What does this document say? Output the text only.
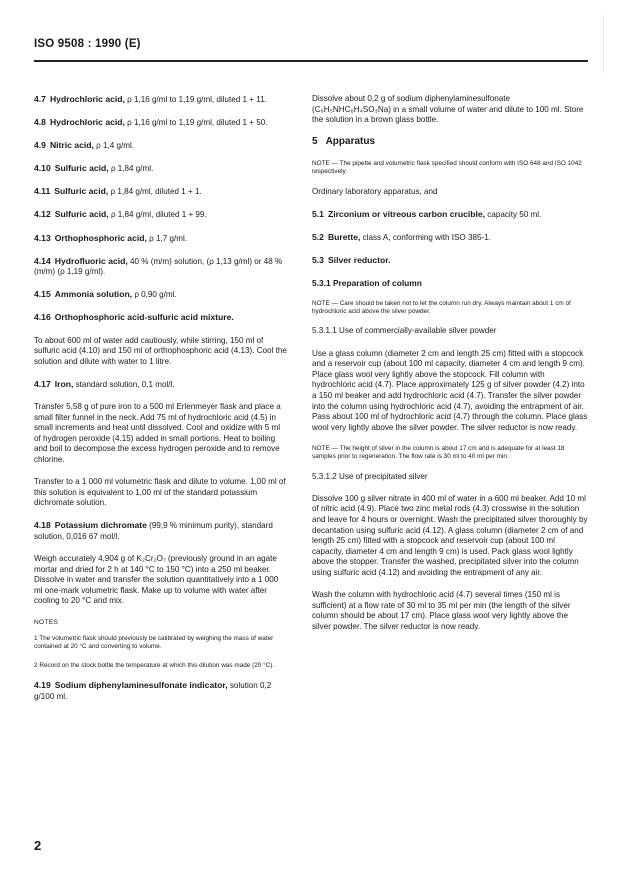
ISO 9508 : 1990 (E)
4.7 Hydrochloric acid, ρ 1,16 g/ml to 1,19 g/ml, diluted 1 + 11.
4.8 Hydrochloric acid, ρ 1,16 g/ml to 1,19 g/ml, diluted 1 + 50.
4.9 Nitric acid, ρ 1,4 g/ml.
4.10 Sulfuric acid, ρ 1,84 g/ml.
4.11 Sulfuric acid, ρ 1,84 g/ml, diluted 1 + 1.
4.12 Sulfuric acid, ρ 1,84 g/ml, diluted 1 + 99.
4.13 Orthophosphoric acid, ρ 1,7 g/ml.
4.14 Hydrofluoric acid, 40 % (m/m) solution, (ρ 1,13 g/ml) or 48 % (m/m) (ρ 1,19 g/ml).
4.15 Ammonia solution, ρ 0,90 g/ml.
4.16 Orthophosphoric acid-sulfuric acid mixture.
To about 600 ml of water add cautiously, while stirring, 150 ml of sulfuric acid (4.10) and 150 ml of orthophosphoric acid (4.13). Cool the solution and dilute with water to 1 litre.
4.17 Iron, standard solution, 0,1 mol/l.
Transfer 5,58 g of pure iron to a 500 ml Erlenmeyer flask and place a small filter funnel in the neck. Add 75 ml of hydrochloric acid (4.5) in small increments and heat until dissolved. Cool and oxidize with 5 ml of hydrogen peroxide (4.15) added in small portions. Heat to boiling and boil to decompose the excess hydrogen peroxide and to remove chlorine.
Transfer to a 1 000 ml volumetric flask and dilute to volume. 1,00 ml of this solution is equivalent to 1,00 ml of the standard potassium dichromate solution.
4.18 Potassium dichromate (99,9 % minimum purity), standard solution, 0,016 67 mol/l.
Weigh accurately 4,904 g of K₂Cr₂O₇ (previously ground in an agate mortar and dried for 2 h at 140 °C to 150 °C) into a 250 ml beaker. Dissolve in water and transfer the solution quantitatively into a 1 000 ml one-mark volumetric flask. Make up to volume with water after cooling to 20 °C and mix.
NOTES
1 The volumetric flask should previously be calibrated by weighing the mass of water contained at 20 °C and converting to volume.
2 Record on the stock bottle the temperature at which this dilution was made (20 °C).
4.19 Sodium diphenylaminesulfonate indicator, solution 0,2 g/100 ml.
Dissolve about 0,2 g of sodium diphenylaminesulfonate (C₆H₅NHC₆H₄SO₃Na) in a small volume of water and dilute to 100 ml. Store the solution in a brown glass bottle.
5 Apparatus
NOTE — The pipette and volumetric flask specified should conform with ISO 648 and ISO 1042 respectively.
Ordinary laboratory apparatus, and
5.1 Zirconium or vitreous carbon crucible, capacity 50 ml.
5.2 Burette, class A, conforming with ISO 385-1.
5.3 Silver reductor.
5.3.1 Preparation of column
NOTE — Care should be taken not to let the column run dry. Always maintain about 1 cm of hydrochloric acid above the silver powder.
5.3.1.1 Use of commercially-available silver powder
Use a glass column (diameter 2 cm and length 25 cm) fitted with a stopcock and a reservoir cup (about 100 ml capacity, diameter 4 cm and length 9 cm). Place glass wool very lightly above the stopcock. Fill column with hydrochloric acid (4.7). Place approximately 125 g of silver powder (4.2) into a 150 ml beaker and add hydrochloric acid (4.7). Transfer the silver powder into the column using hydrochloric acid (4.7), avoiding the entrapment of air. Pass about 100 ml of hydrochloric acid (4.7) through the column. Place glass wool very lightly above the silver powder. The silver reductor is now ready.
NOTE — The height of silver in the column is about 17 cm and is adequate for at least 18 samples prior to regeneration. The flow rate is 30 ml to 40 ml per min.
5.3.1.2 Use of precipitated silver
Dissolve 100 g silver nitrate in 400 ml of water in a 600 ml beaker. Add 10 ml of nitric acid (4.9). Place two zinc metal rods (4.3) crosswise in the solution and leave for 4 hours or overnight. Wash the precipitated silver thoroughly by decantation using sulfuric acid (4.12). A glass column (diameter 2 cm of and length 25 cm) fitted with a stopcock and reservoir cup (about 100 ml capacity, diameter 4 cm and length 9 cm) is used. Pack glass wool lightly above the stopper. Transfer the washed, precipitated silver into the column using sulfuric acid (4.12) and avoiding the entrapment of any air.
Wash the column with hydrochloric acid (4.7) several times (150 ml is sufficient) at a flow rate of 30 ml to 35 ml per min (the length of the silver column should be about 17 cm). Place glass wool very lightly above the silver powder. The silver reductor is now ready.
2
